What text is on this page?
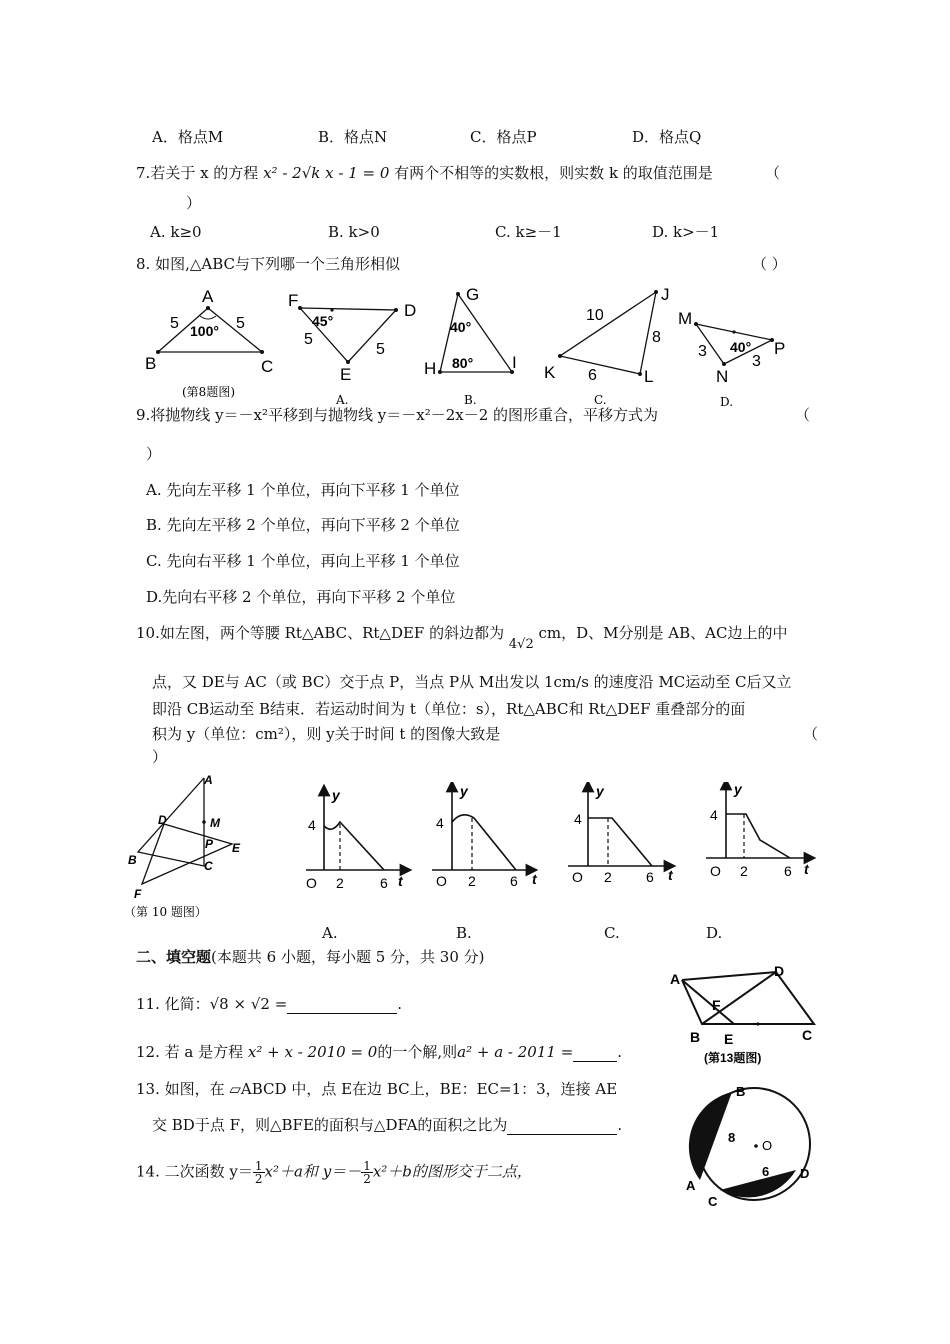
A．格点M	B．格点N	C．格点P	D．格点Q
7.若关于 x 的方程 x² - 2√k x - 1 = 0 有两个不相等的实数根，则实数 k 的取值范围是	（
）
A. k≥0	B. k>0	C. k≥－1	D. k>－1
8. 如图,△ABC与下列哪一个三角形相似	（ ）
A
B	C
5	5
100°
(第8题图)
F
D
E
5
5
45°
A.
G
H	I
40°
80°
B.
J
K	L
10
8
6
C.
M
P
N
3
3
40°
D.
9.将抛物线 y＝－x²平移到与抛物线 y＝－x²－2x－2 的图形重合，平移方式为	（
）
A. 先向左平移 1 个单位，再向下平移 1 个单位
B. 先向左平移 2 个单位，再向下平移 2 个单位
C. 先向右平移 1 个单位，再向上平移 1 个单位
D.先向右平移 2 个单位，再向下平移 2 个单位
10.如左图，两个等腰 Rt△ABC、Rt△DEF 的斜边都为 4√2 cm，D、M分别是 AB、AC边上的中
点，又 DE与 AC（或 BC）交于点 P，当点 P从 M出发以 1cm/s 的速度沿 MC运动至 C后又立
即沿 CB运动至 B结束．若运动时间为 t（单位：s），Rt△ABC和 Rt△DEF 重叠部分的面
积为 y（单位：cm²），则 y关于时间 t 的图像大致是	（
）
A
D	M
P E
B	C
F
（第 10 题图）
4
y
O 2	6 t
4
y
O 2 6 t
4
y
O 2 6 t
4
y
O 2	6 t
A.	B.	C.	D.
二、填空题(本题共 6 小题，每小题 5 分，共 30 分)
11. 化简：√8 × √2 =	.
12. 若 a 是方程 x² + x - 2010 = 0的一个解,则a² + a - 2011 =	.
13. 如图，在 ▱ABCD 中，点 E在边 BC上，BE：EC=1：3，连接 AE
交 BD于点 F，则△BFE的面积与△DFA的面积之比为	.
A	D
F
B E	C
(第13题图)
14. 二次函数 $y= \frac{1}{2} x^2+a$和 $y=- \frac{1}{2} x^2+b$的图形交于二点，
B
8
O
6 D
A
C
